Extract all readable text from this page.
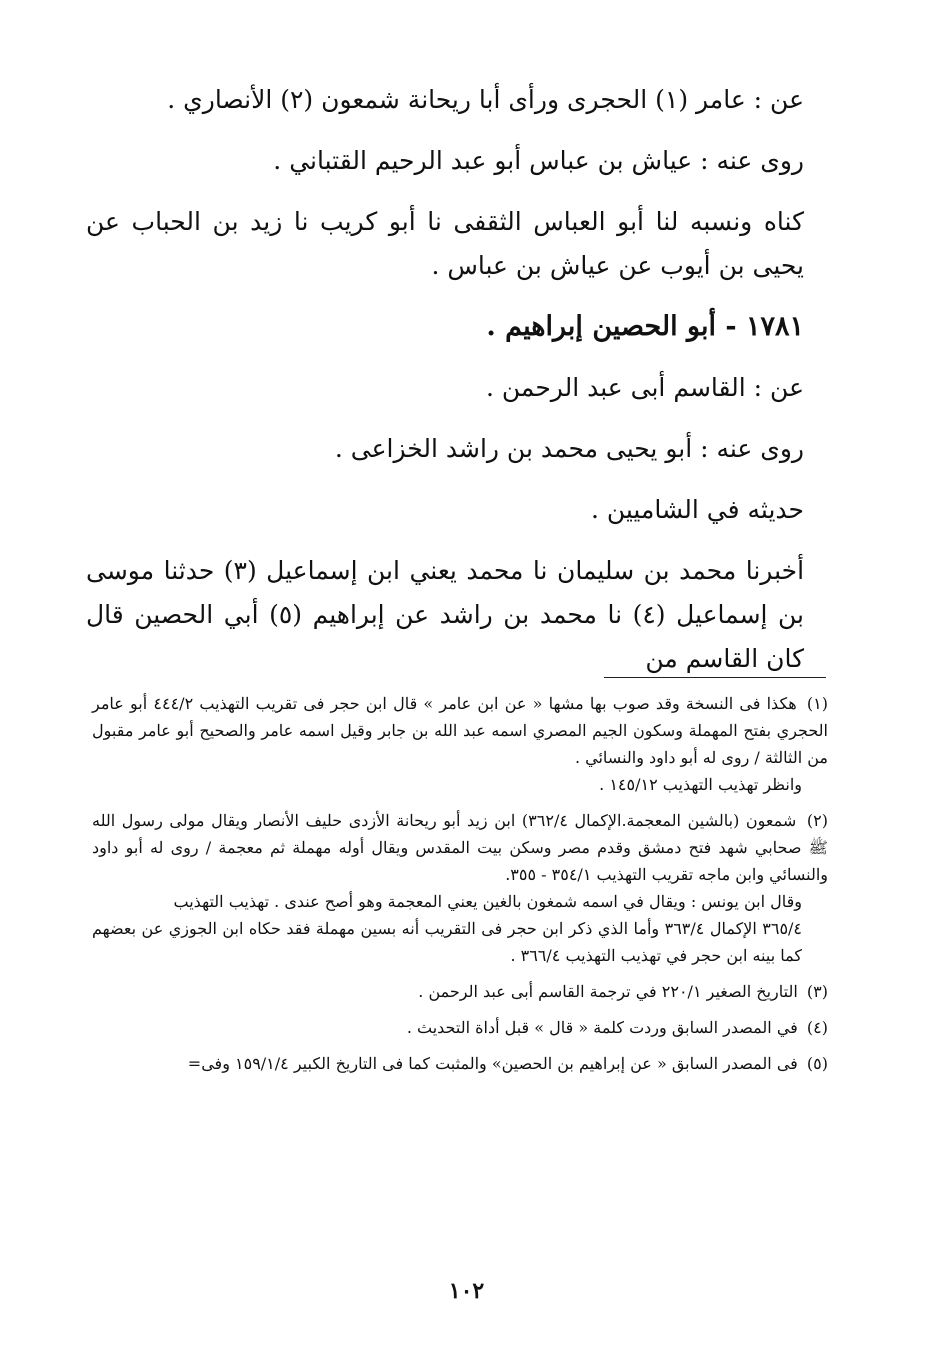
عن : عامر (١) الحجرى ورأى أبا ريحانة شمعون (٢) الأنصاري .

روى عنه : عياش بن عباس أبو عبد الرحيم القتباني .

كناه ونسبه لنا أبو العباس الثقفى نا أبو كريب نا زيد بن الحباب عن يحيى بن أيوب عن عياش بن عباس .

١٧٨١ - أبو الحصين إبراهيم .

عن : القاسم أبى عبد الرحمن .

روى عنه : أبو يحيى محمد بن راشد الخزاعى .

حديثه في الشاميين .

أخبرنا محمد بن سليمان نا محمد يعني ابن إسماعيل (٣) حدثنا موسى بن إسماعيل (٤) نا محمد بن راشد عن إبراهيم (٥) أبي الحصين قال كان القاسم من

(١) هكذا فى النسخة وقد صوب بها مشها « عن ابن عامر » قال ابن حجر فى تقريب التهذيب ٤٤٤/٢ أبو عامر الحجري بفتح المهملة وسكون الجيم المصري اسمه عبد الله بن جابر وقيل اسمه عامر والصحيح أبو عامر مقبول من الثالثة / روى له أبو داود والنسائي .
وانظر تهذيب التهذيب ١٤٥/١٢ .
(٢) شمعون (بالشين المعجمة.الإكمال ٣٦٢/٤) ابن زيد أبو ريحانة الأزدى حليف الأنصار ويقال مولى رسول الله ﷺ صحابي شهد فتح دمشق وقدم مصر وسكن بيت المقدس ويقال أوله مهملة ثم معجمة / روى له أبو داود والنسائي وابن ماجه تقريب التهذيب ٣٥٤/١ - ٣٥٥.
وقال ابن يونس : ويقال في اسمه شمغون بالغين يعني المعجمة وهو أصح عندى . تهذيب التهذيب
٣٦٥/٤ الإكمال ٣٦٣/٤ وأما الذي ذكر ابن حجر فى التقريب أنه بسين مهملة فقد حكاه ابن الجوزي عن بعضهم كما بينه ابن حجر في تهذيب التهذيب ٣٦٦/٤ .
(٣) التاريخ الصغير ٢٢٠/١ في ترجمة القاسم أبى عبد الرحمن .
(٤) في المصدر السابق وردت كلمة « قال » قبل أداة التحديث .
(٥) فى المصدر السابق « عن إبراهيم بن الحصين» والمثبت كما فى التاريخ الكبير ١٥٩/١/٤ وفى=
١٠٢
